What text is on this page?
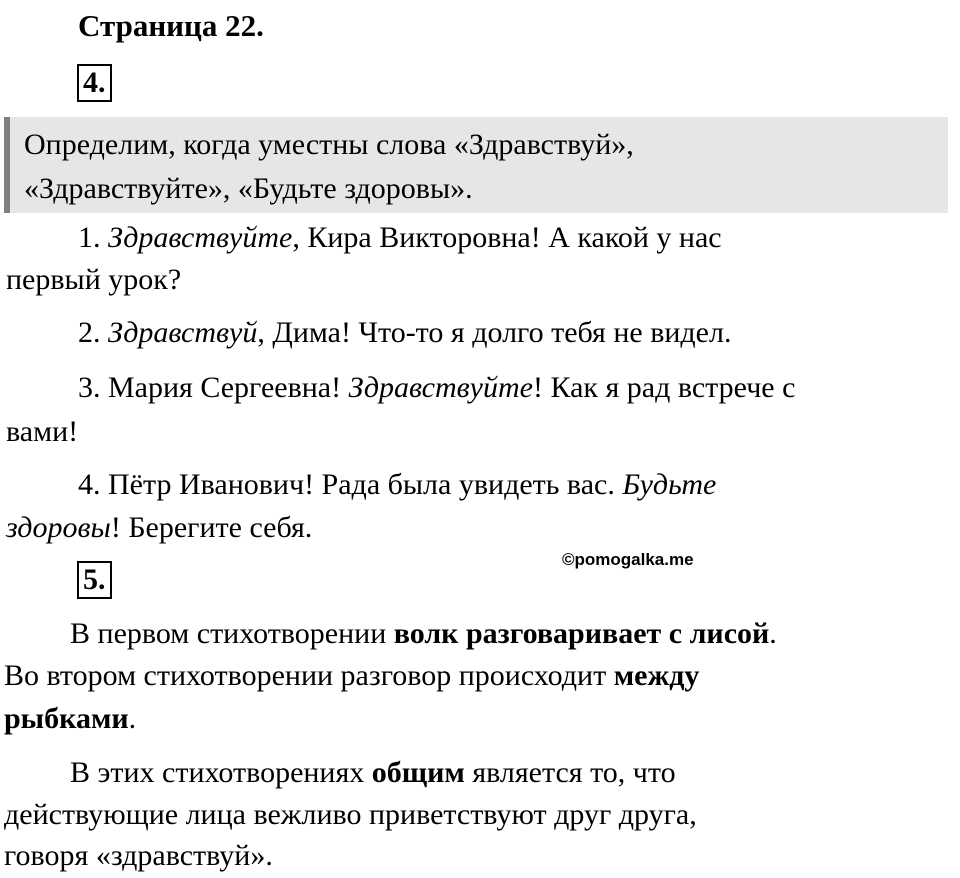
Страница 22.
4.
Определим, когда уместны слова «Здравствуй»,
«Здравствуйте», «Будьте здоровы».
1. Здравствуйте, Кира Викторовна! А какой у нас
первый урок?
2. Здравствуй, Дима! Что-то я долго тебя не видел.
3. Мария Сергеевна! Здравствуйте! Как я рад встрече с
вами!
4. Пётр Иванович! Рада была увидеть вас. Будьте
здоровы! Берегите себя.
©pomogalka.me
5.
В первом стихотворении волк разговаривает с лисой.
Во втором стихотворении разговор происходит между
рыбками.
В этих стихотворениях общим является то, что
действующие лица вежливо приветствуют друг друга,
говоря «здравствуй».
